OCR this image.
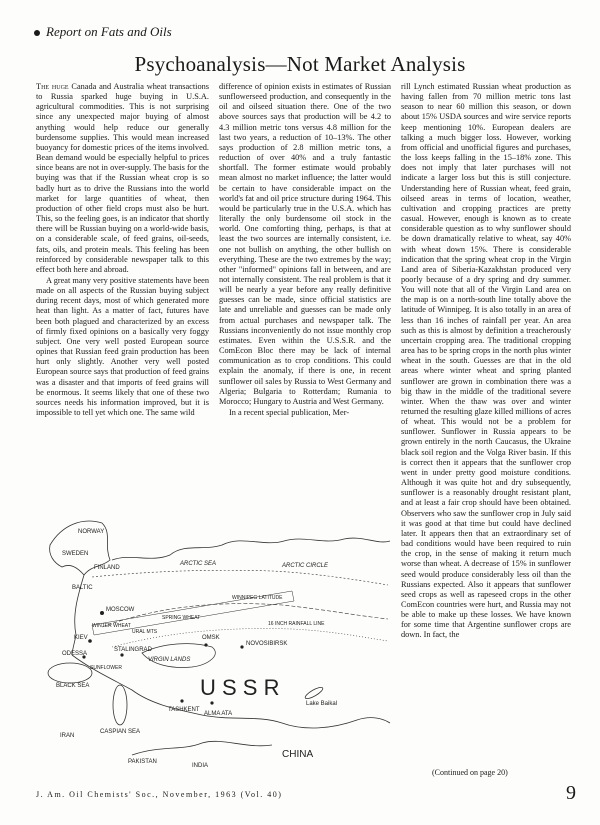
Report on Fats and Oils
Psychoanalysis—Not Market Analysis

The huge Canada and Australia wheat transactions to Russia sparked huge buying in U.S.A. agricultural commodities. This is not surprising since any unexpected major buying of almost anything would help reduce our generally burdensome supplies. This would mean increased buoyancy for domestic prices of the items involved. Bean demand would be especially helpful to prices since beans are not in over-supply. The basis for the buying was that if the Russian wheat crop is so badly hurt as to drive the Russians into the world market for large quantities of wheat, then production of other field crops must also be hurt. This, so the feeling goes, is an indicator that shortly there will be Russian buying on a world-wide basis, on a considerable scale, of feed grains, oil-seeds, fats, oils, and protein meals. This feeling has been reinforced by considerable newspaper talk to this effect both here and abroad.

A great many very positive statements have been made on all aspects of the Russian buying subject during recent days, most of which generated more heat than light. As a matter of fact, futures have been both plagued and characterized by an excess of firmly fixed opinions on a basically very foggy subject. One very well posted European source opines that Russian feed grain production has been hurt only slightly. Another very well posted European source says that production of feed grains was a disaster and that imports of feed grains will be enormous. It seems likely that one of these two sources needs his information improved, but it is impossible to tell yet which one. The same wild

difference of opinion exists in estimates of Russian sunflowerseed production, and consequently in the oil and oilseed situation there. One of the two above sources says that production will be 4.2 to 4.3 million metric tons versus 4.8 million for the last two years, a reduction of 10–13%. The other says production of 2.8 million metric tons, a reduction of over 40% and a truly fantastic shortfall. The former estimate would probably mean almost no market influence; the latter would be certain to have considerable impact on the world's fat and oil price structure during 1964. This would be particularly true in the U.S.A. which has literally the only burdensome oil stock in the world. One comforting thing, perhaps, is that at least the two sources are internally consistent, i.e. one not bullish on anything, the other bullish on everything. These are the two extremes by the way; other "informed" opinions fall in between, and are not internally consistent. The real problem is that it will be nearly a year before any really definitive guesses can be made, since official statistics are late and unreliable and guesses can be made only from actual purchases and newspaper talk. The Russians inconveniently do not issue monthly crop estimates. Even within the U.S.S.R. and the ComEcon Bloc there may be lack of internal communication as to crop conditions. This could explain the anomaly, if there is one, in recent sunflower oil sales by Russia to West Germany and Algeria; Bulgaria to Rotterdam; Rumania to Morocco; Hungary to Austria and West Germany.

In a recent special publication, Mer-

rill Lynch estimated Russian wheat production as having fallen from 70 million metric tons last season to near 60 million this season, or down about 15% USDA sources and wire service reports keep mentioning 10%. European dealers are talking a much bigger loss. However, working from official and unofficial figures and purchases, the loss keeps falling in the 15–18% zone. This does not imply that later purchases will not indicate a larger loss but this is still conjecture. Understanding here of Russian wheat, feed grain, oilseed areas in terms of location, weather, cultivation and cropping practices are pretty casual. However, enough is known as to create considerable question as to why sunflower should be down dramatically relative to wheat, say 40% with wheat down 15%. There is considerable indication that the spring wheat crop in the Virgin Land area of Siberia-Kazakhstan produced very poorly because of a dry spring and dry summer. You will note that all of the Virgin Land area on the map is on a north-south line totally above the latitude of Winnipeg. It is also totally in an area of less than 16 inches of rainfall per year. An area such as this is almost by definition a treacherously uncertain cropping area. The traditional cropping area has to be spring crops in the north plus winter wheat in the south. Guesses are that in the old areas where winter wheat and spring planted sunflower are grown in combination there was a big thaw in the middle of the traditional severe winter. When the thaw was over and winter returned the resulting glaze killed millions of acres of wheat. This would not be a problem for sunflower. Sunflower in Russia appears to be grown entirely in the north Caucasus, the Ukraine black soil region and the Volga River basin. If this is correct then it appears that the sunflower crop went in under pretty good moisture conditions. Although it was quite hot and dry subsequently, sunflower is a reasonably drought resistant plant, and at least a fair crop should have been obtained. Observers who saw the sunflower crop in July said it was good at that time but could have declined later. It appears then that an extraordinary set of bad conditions would have been required to ruin the crop, in the sense of making it return much worse than wheat. A decrease of 15% in sunflower seed would produce considerably less oil than the Russians expected. Also it appears that sunflower seed crops as well as rapeseed crops in the other ComEcon countries were hurt, and Russia may not be able to make up these losses. We have known for some time that Argentine sunflower crops are down. In fact, the

(Continued on page 20)
NORWAY
SWEDEN
FINLAND
BALTIC
ARCTIC SEA
MOSCOW
KIEV
ODESSA
STALINGRAD
BLACK SEA
CASPIAN SEA
IRAN
PAKISTAN
INDIA
CHINA
U S S R
VIRGIN LANDS
NOVOSIBIRSK
TASHKENT
ALMA ATA
Lake Baikal
ARCTIC CIRCLE
WINNIPEG LATITUDE
16 INCH RAINFALL LINE
SPRING WHEAT
WINTER WHEAT
SUNFLOWER
OMSK
URAL MTS
J. Am. Oil Chemists' Soc., November, 1963 (Vol. 40)	9
